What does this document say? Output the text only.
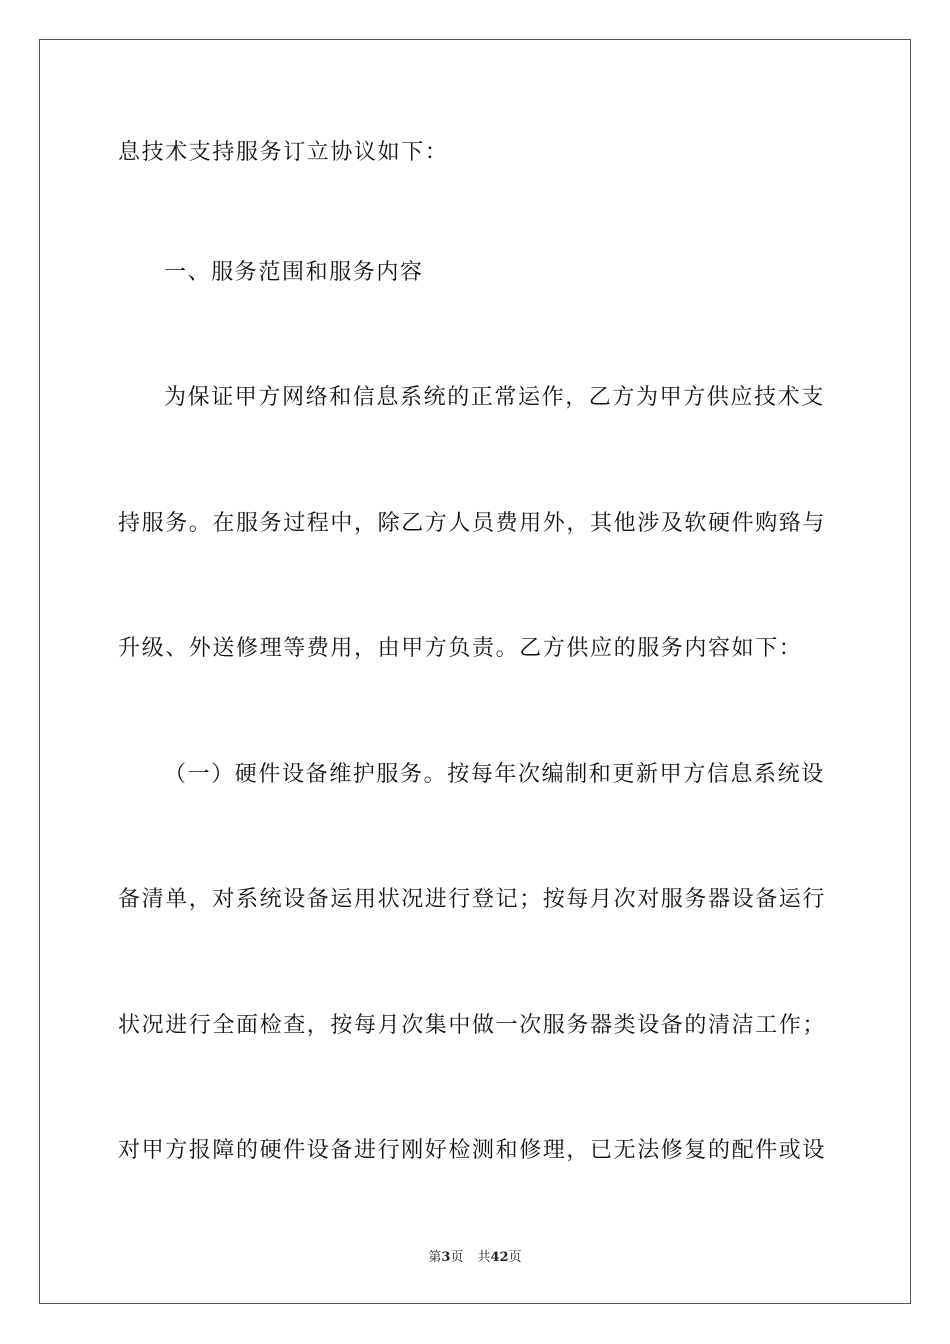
息技术支持服务订立协议如下：
一、服务范围和服务内容
为保证甲方网络和信息系统的正常运作，乙方为甲方供应技术支
持服务。在服务过程中，除乙方人员费用外，其他涉及软硬件购臵与
升级、外送修理等费用，由甲方负责。乙方供应的服务内容如下：
（一）硬件设备维护服务。按每年次编制和更新甲方信息系统设
备清单，对系统设备运用状况进行登记；按每月次对服务器设备运行
状况进行全面检查，按每月次集中做一次服务器类设备的清洁工作；
对甲方报障的硬件设备进行刚好检测和修理，已无法修复的配件或设
第3页 共42页
